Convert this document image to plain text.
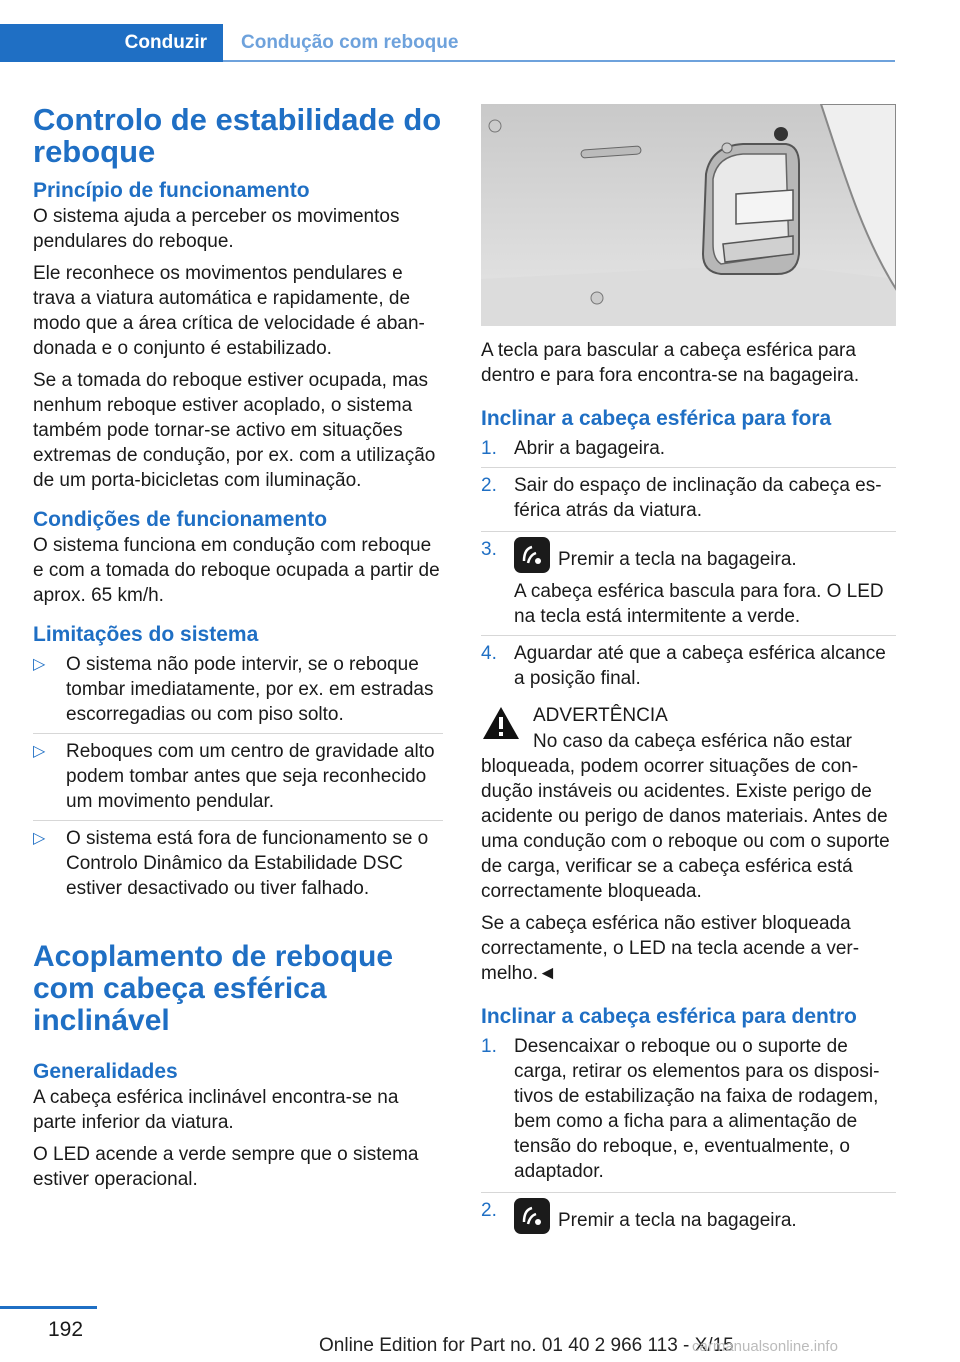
Conduzir	Condução com reboque
Controlo de estabilidade do reboque
Princípio de funcionamento

O sistema ajuda a perceber os movimentos pendulares do reboque.

Ele reconhece os movimentos pendulares e trava a viatura automática e rapidamente, de modo que a área crítica de velocidade é abandonada e o conjunto é estabilizado.

Se a tomada do reboque estiver ocupada, mas nenhum reboque estiver acoplado, o sistema também pode tornar-se activo em situações extremas de condução, por ex. com a utilização de um porta-bicicletas com iluminação.

Condições de funcionamento

O sistema funciona em condução com reboque e com a tomada do reboque ocupada a partir de aprox. 65 km/h.

Limitações do sistema
▷ O sistema não pode intervir, se o reboque tombar imediatamente, por ex. em estradas escorregadias ou com piso solto.
▷ Reboques com um centro de gravidade alto podem tombar antes que seja reconhecido um movimento pendular.
▷ O sistema está fora de funcionamento se o Controlo Dinâmico da Estabilidade DSC estiver desactivado ou tiver falhado.
Acoplamento de reboque com cabeça esférica inclinável
Generalidades

A cabeça esférica inclinável encontra-se na parte inferior da viatura.

O LED acende a verde sempre que o sistema estiver operacional.

A tecla para bascular a cabeça esférica para dentro e para fora encontra-se na bagageira.

Inclinar a cabeça esférica para fora
1. Abrir a bagageira.
2. Sair do espaço de inclinação da cabeça esférica atrás da viatura.
3.	Premir a tecla na bagageira.
A cabeça esférica bascula para fora. O LED na tecla está intermitente a verde.
4. Aguardar até que a cabeça esférica alcance a posição final.
ADVERTÊNCIA

No caso da cabeça esférica não estar bloqueada, podem ocorrer situações de condução instáveis ou acidentes. Existe perigo de acidente ou perigo de danos materiais. Antes de uma condução com o reboque ou com o suporte de carga, verificar se a cabeça esférica está correctamente bloqueada.

Se a cabeça esférica não estiver bloqueada correctamente, o LED na tecla acende a vermelho.◄

Inclinar a cabeça esférica para dentro
1. Desencaixar o reboque ou o suporte de carga, retirar os elementos para os dispositivos de estabilização na faixa de rodagem, bem como a ficha para a alimentação de tensão do reboque, e, eventualmente, o adaptador.
2.	Premir a tecla na bagageira.
192
Online Edition for Part no. 01 40 2 966 113 - X/15
carmanualsonline.info
